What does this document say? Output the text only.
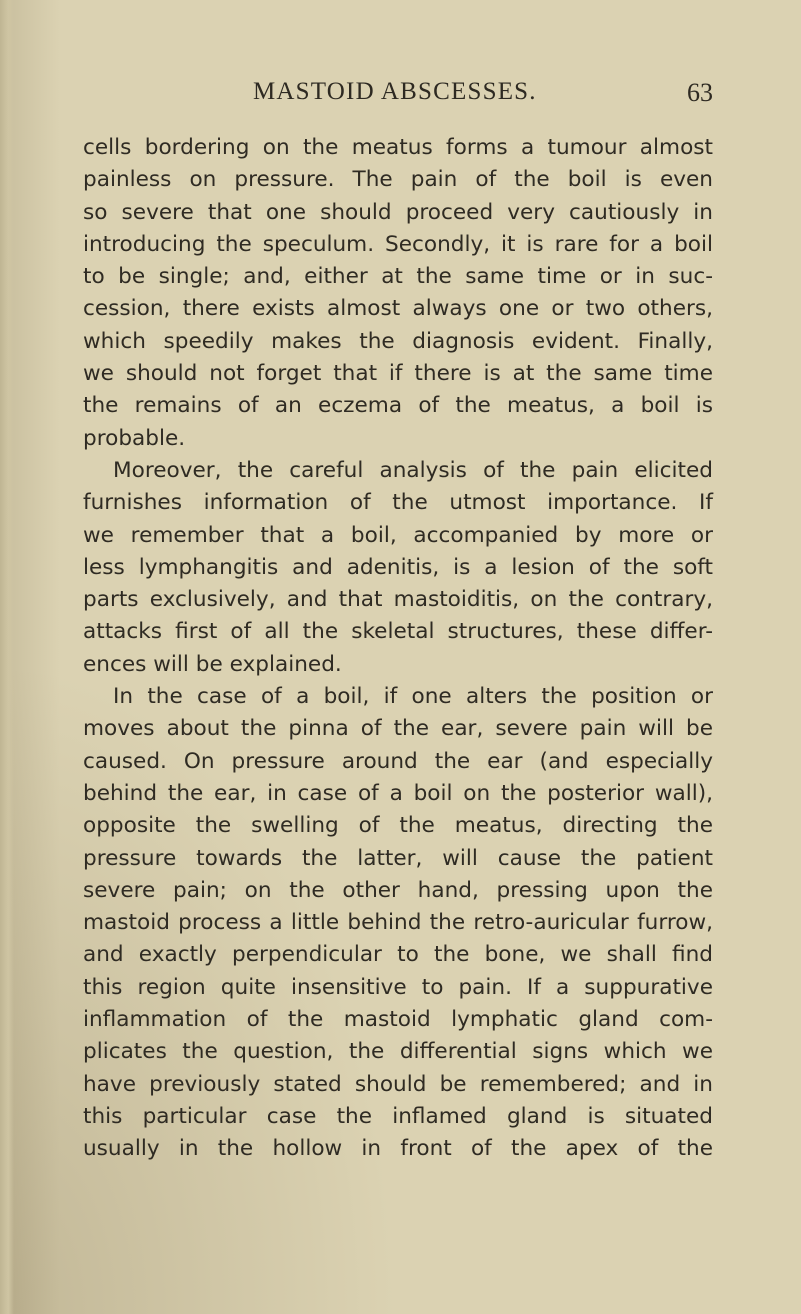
MASTOID ABSCESSES.	63
cells bordering on the meatus forms a tumour almost
painless on pressure. The pain of the boil is even
so severe that one should proceed very cautiously in
introducing the speculum. Secondly, it is rare for a boil
to be single; and, either at the same time or in suc-
cession, there exists almost always one or two others,
which speedily makes the diagnosis evident. Finally,
we should not forget that if there is at the same time
the remains of an eczema of the meatus, a boil is
probable.
Moreover, the careful analysis of the pain elicited
furnishes information of the utmost importance. If
we remember that a boil, accompanied by more or
less lymphangitis and adenitis, is a lesion of the soft
parts exclusively, and that mastoiditis, on the contrary,
attacks first of all the skeletal structures, these differ-
ences will be explained.
In the case of a boil, if one alters the position or
moves about the pinna of the ear, severe pain will be
caused. On pressure around the ear (and especially
behind the ear, in case of a boil on the posterior wall),
opposite the swelling of the meatus, directing the
pressure towards the latter, will cause the patient
severe pain; on the other hand, pressing upon the
mastoid process a little behind the retro-auricular furrow,
and exactly perpendicular to the bone, we shall find
this region quite insensitive to pain. If a suppurative
inflammation of the mastoid lymphatic gland com-
plicates the question, the differential signs which we
have previously stated should be remembered; and in
this particular case the inflamed gland is situated
usually in the hollow in front of the apex of the
